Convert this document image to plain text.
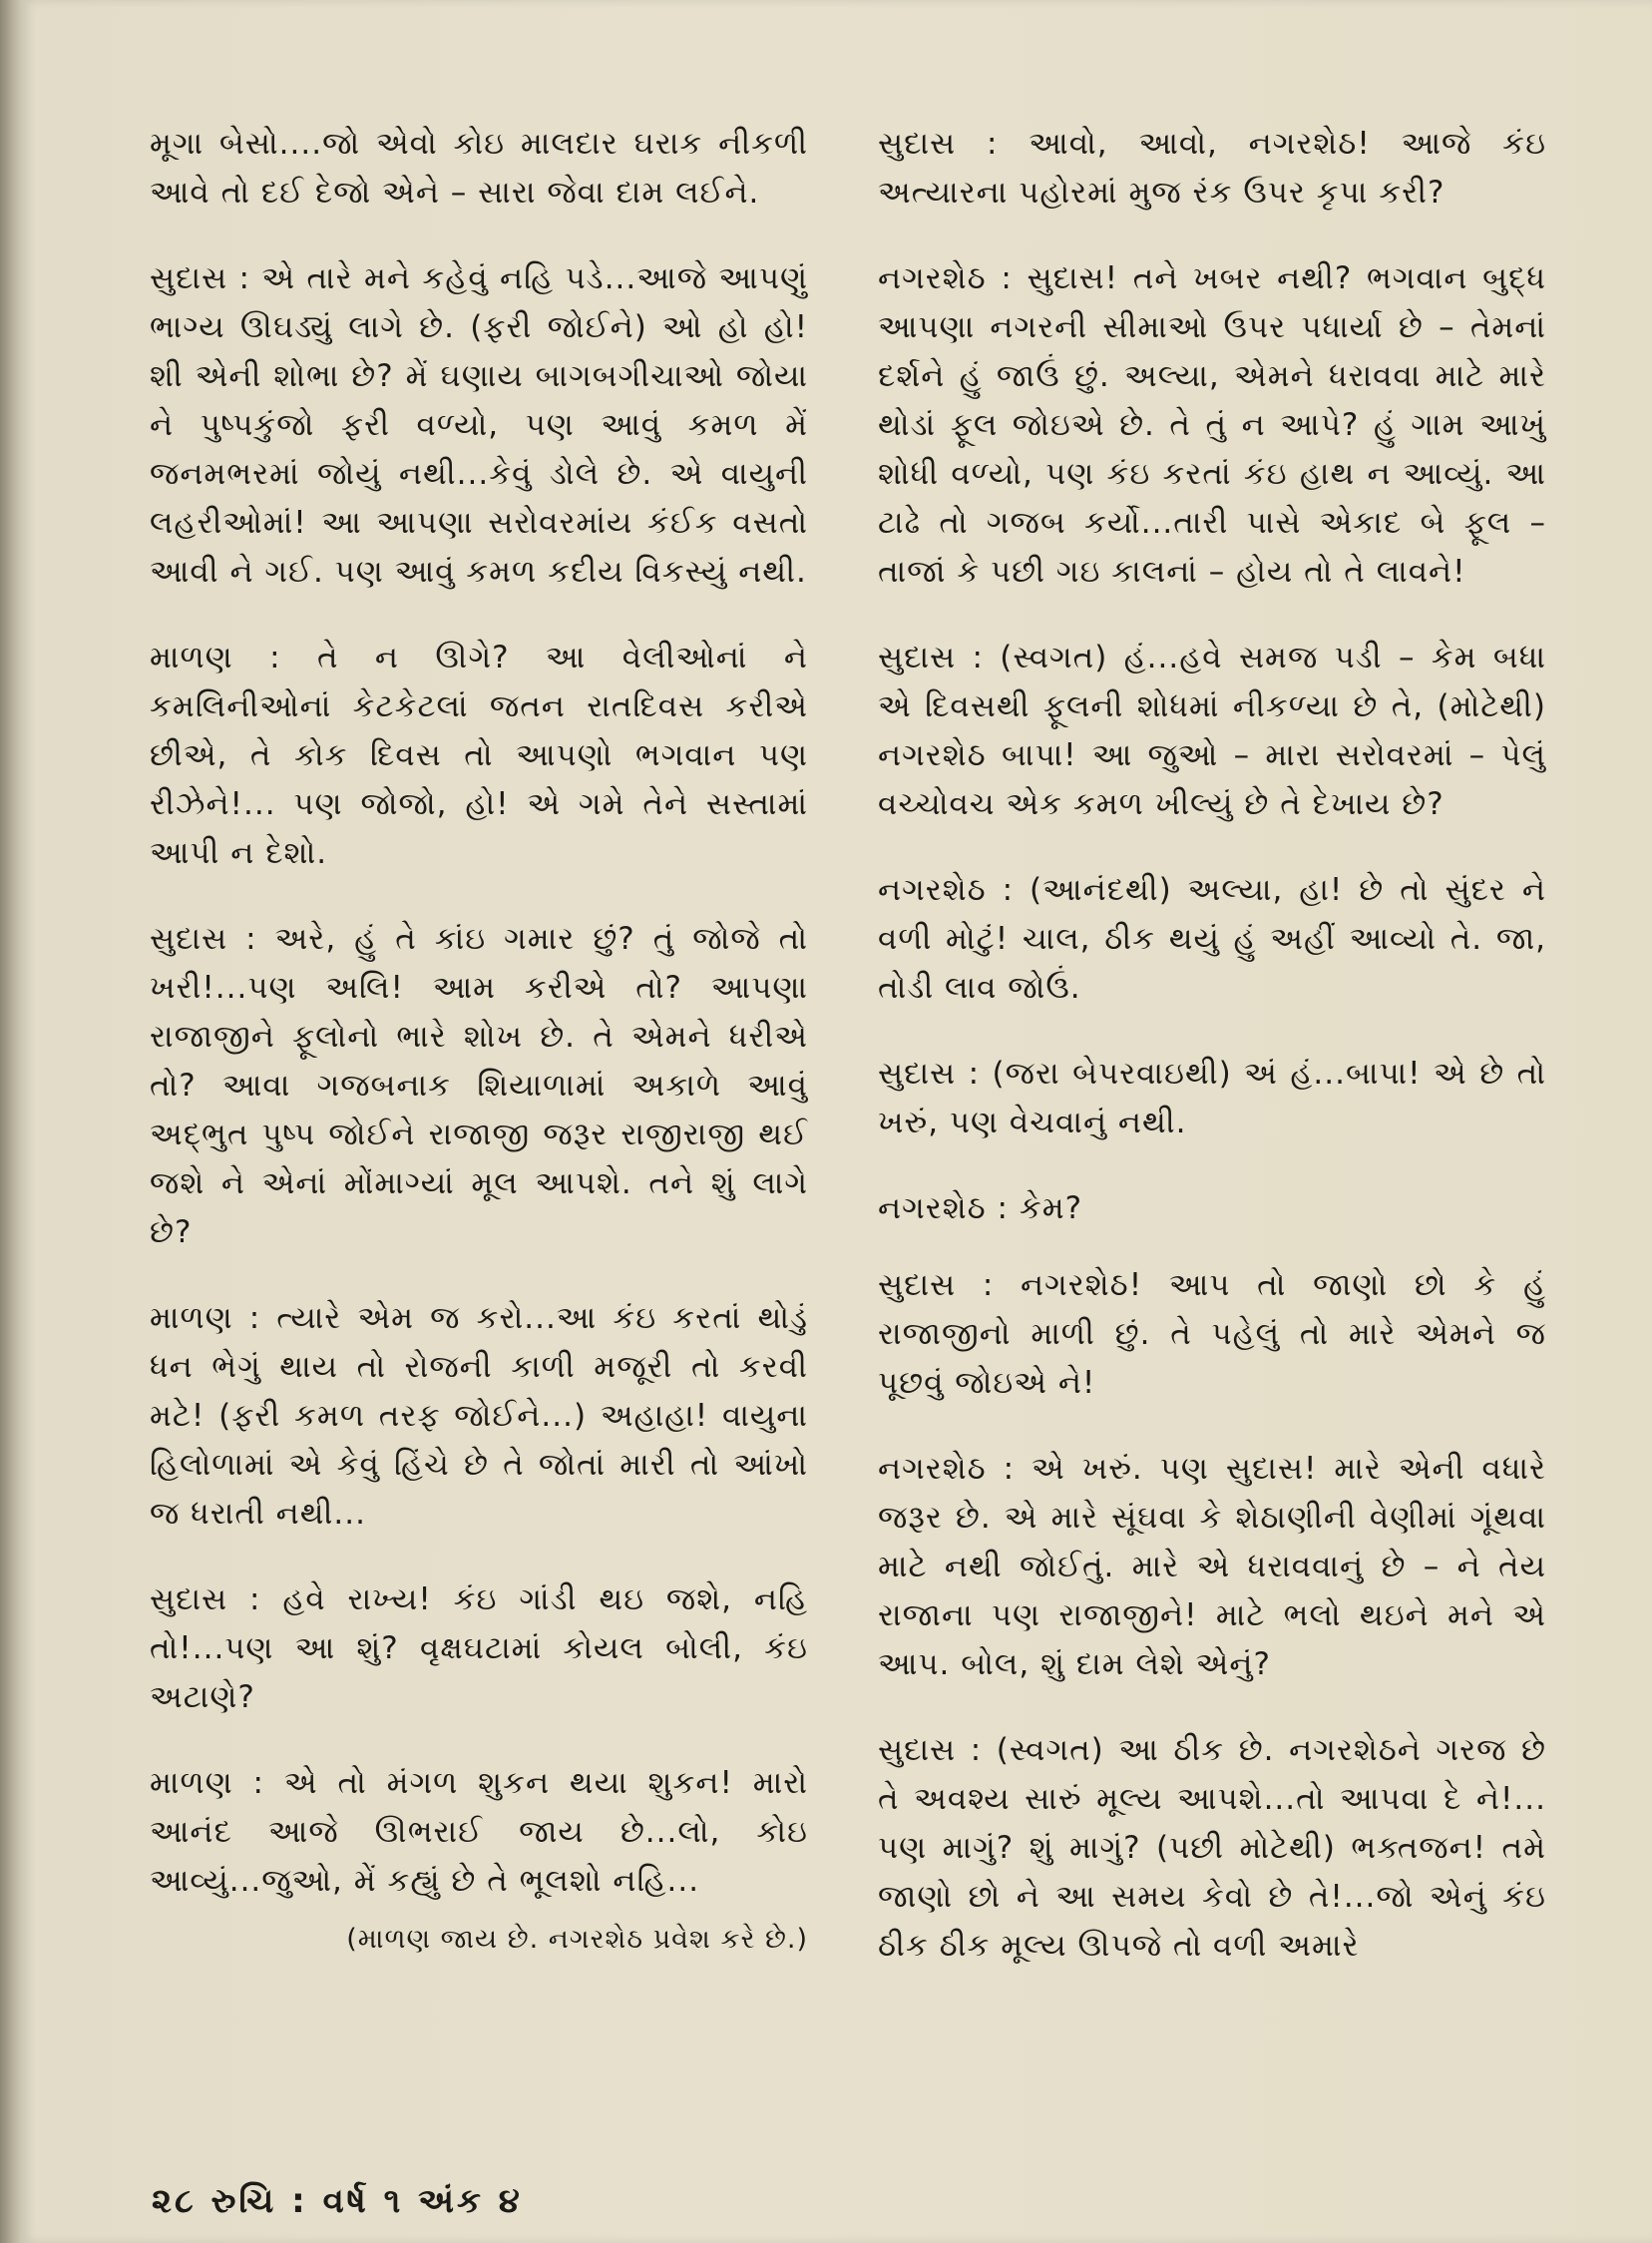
મૂગા બેસો....જો એવો કોઇ માલદાર ઘરાક નીકળી આવે તો દઈ દેજો એને – સારા જેવા દામ લઈને.

સુદાસ : એ તારે મને કહેવું નહિ પડે...આજે આપણું ભાગ્ય ઊઘડ્યું લાગે છે. (ફરી જોઈને) ઓ હો હો! શી એની શોભા છે? મેં ઘણાય બાગબગીચાઓ જોયા ને પુષ્પકુંજો ફરી વળ્યો, પણ આવું કમળ મેં જનમભરમાં જોયું નથી...કેવું ડોલે છે. એ વાયુની લહરીઓમાં! આ આપણા સરોવરમાંય કંઈક વસતો આવી ને ગઈ. પણ આવું કમળ કદીય વિકસ્યું નથી.

માળણ : તે ન ઊગે? આ વેલીઓનાં ને કમલિનીઓનાં કેટકેટલાં જતન રાતદિવસ કરીએ છીએ, તે કોક દિવસ તો આપણો ભગવાન પણ રીઝેને!... પણ જોજો, હો! એ ગમે તેને સસ્તામાં આપી ન દેશો.

સુદાસ : અરે, હું તે કાંઇ ગમાર છું? તું જોજે તો ખરી!...પણ અલિ! આમ કરીએ તો? આપણા રાજાજીને ફૂલોનો ભારે શોખ છે. તે એમને ધરીએ તો? આવા ગજબનાક શિયાળામાં અકાળે આવું અદ્‌ભુત પુષ્પ જોઈને રાજાજી જરૂર રાજીરાજી થઈ જશે ને એનાં મોંમાગ્યાં મૂલ આપશે. તને શું લાગે છે?

માળણ : ત્યારે એમ જ કરો...આ કંઇ કરતાં થોડું ધન ભેગું થાય તો રોજની કાળી મજૂરી તો કરવી મટે! (ફરી કમળ તરફ જોઈને...) અહાહા! વાયુના હિલોળામાં એ કેવું હિંચે છે તે જોતાં મારી તો આંખો જ ધરાતી નથી...

સુદાસ : હવે રાખ્ય! કંઇ ગાંડી થઇ જશે, નહિ તો!...પણ આ શું? વૃક્ષઘટામાં કોયલ બોલી, કંઇ અટાણે?

માળણ : એ તો મંગળ શુકન થયા શુકન! મારો આનંદ આજે ઊભરાઈ જાય છે...લો, કોઇ આવ્યું...જુઓ, મેં કહ્યું છે તે ભૂલશો નહિ...

(માળણ જાય છે. નગરશેઠ પ્રવેશ કરે છે.)

સુદાસ : આવો, આવો, નગરશેઠ! આજે કંઇ અત્યારના પહોરમાં મુજ રંક ઉપર કૃપા કરી?

નગરશેઠ : સુદાસ! તને ખબર નથી? ભગવાન બુદ્ધ આપણા નગરની સીમાઓ ઉપર પધાર્યા છે – તેમનાં દર્શને હું જાઉં છું. અલ્યા, એમને ધરાવવા માટે મારે થોડાં ફૂલ જોઇએ છે. તે તું ન આપે? હું ગામ આખું શોધી વળ્યો, પણ કંઇ કરતાં કંઇ હાથ ન આવ્યું. આ ટાઢે તો ગજબ કર્યો...તારી પાસે એકાદ બે ફૂલ – તાજાં કે પછી ગઇ કાલનાં – હોય તો તે લાવને!

સુદાસ : (સ્વગત) હં...હવે સમજ પડી – કેમ બધા એ દિવસથી ફૂલની શોધમાં નીકળ્યા છે તે, (મોટેથી) નગરશેઠ બાપા! આ જુઓ – મારા સરોવરમાં – પેલું વચ્ચોવચ એક કમળ ખીલ્યું છે તે દેખાય છે?

નગરશેઠ : (આનંદથી) અલ્યા, હા! છે તો સુંદર ને વળી મોટું! ચાલ, ઠીક થયું હું અહીં આવ્યો તે. જા, તોડી લાવ જોઉં.

સુદાસ : (જરા બેપરવાઇથી) અં હં...બાપા! એ છે તો ખરું, પણ વેચવાનું નથી.

નગરશેઠ : કેમ?

સુદાસ : નગરશેઠ! આપ તો જાણો છો કે હું રાજાજીનો માળી છું. તે પહેલું તો મારે એમને જ પૂછવું જોઇએ ને!

નગરશેઠ : એ ખરું. પણ સુદાસ! મારે એની વધારે જરૂર છે. એ મારે સૂંઘવા કે શેઠાણીની વેણીમાં ગૂંથવા માટે નથી જોઈતું. મારે એ ધરાવવાનું છે – ને તેય રાજાના પણ રાજાજીને! માટે ભલો થઇને મને એ આપ. બોલ, શું દામ લેશે એનું?

સુદાસ : (સ્વગત) આ ઠીક છે. નગરશેઠને ગરજ છે તે અવશ્ય સારું મૂલ્ય આપશે...તો આપવા દે ને!... પણ માગું? શું માગું? (પછી મોટેથી) ભક્તજન! તમે જાણો છો ને આ સમય કેવો છે તે!...જો એનું કંઇ ઠીક ઠીક મૂલ્ય ઊપજે તો વળી અમારે

૨૮ રુચિ : વર્ષ ૧ અંક ૪
